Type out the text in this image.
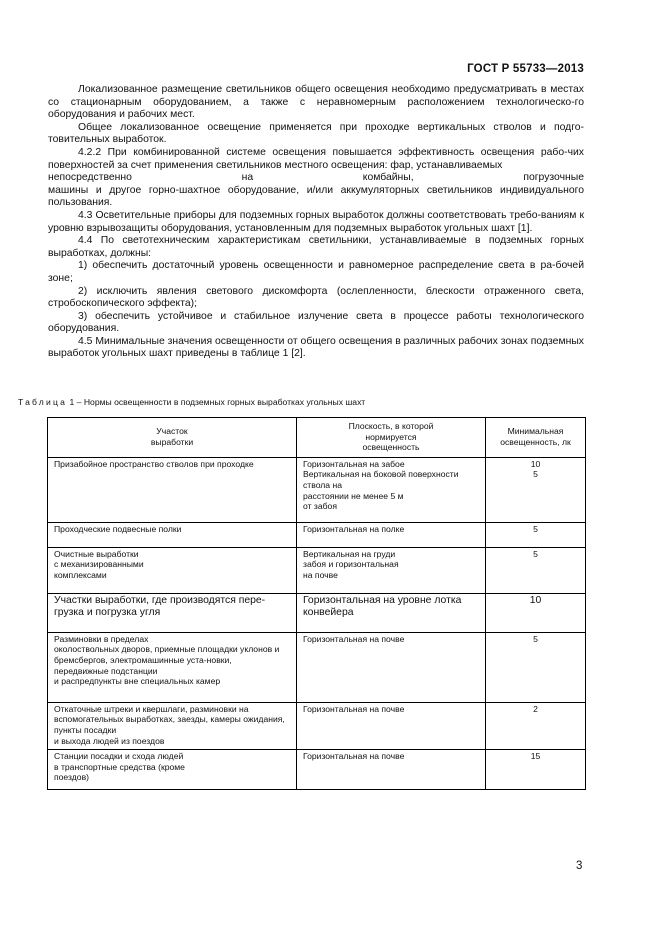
ГОСТ Р 55733—2013

Локализованное размещение светильников общего освещения необходимо предусматривать в местах со стационарным оборудованием, а также с неравномерным расположением технологическо-го оборудования и рабочих мест.

Общее локализованное освещение применяется при проходке вертикальных стволов и подго-товительных выработок.

4.2.2 При комбинированной системе освещения повышается эффективность освещения рабо-чих поверхностей за счет применения светильников местного освещения: фар, устанавливаемых

непосредственно на комбайны, погрузочные

машины и другое горно-шахтное оборудование, и/или аккумуляторных светильников индивидуального пользования.

4.3 Осветительные приборы для подземных горных выработок должны соответствовать требо-ваниям к уровню взрывозащиты оборудования, установленным для подземных выработок угольных шахт [1].

4.4 По светотехническим характеристикам светильники, устанавливаемые в подземных горных выработках, должны:

1) обеспечить достаточный уровень освещенности и равномерное распределение света в ра-бочей зоне;

2) исключить явления светового дискомфорта (ослепленности, блескости отраженного света, стробоскопического эффекта);

3) обеспечить устойчивое и стабильное излучение света в процессе работы технологического оборудования.

4.5 Минимальные значения освещенности от общего освещения в различных рабочих зонах подземных выработок угольных шахт приведены в таблице 1 [2].

Таблица 1 – Нормы освещенности в подземных горных выработках угольных шахт
Участок
выработки	Плоскость, в которой
нормируется
освещенность	Минимальная
освещенность, лк
Призабойное пространство стволов при проходке	Горизонтальная на забое
Вертикальная на боковой поверхности ствола на
расстоянии не менее 5 м
от забоя	10
5
Проходческие подвесные полки	Горизонтальная на полке	5
Очистные выработки
с механизированными
комплексами	Вертикальная на груди
забоя и горизонтальная
на почве	5
Участки выработки, где производятся пере-грузка и погрузка угля	Горизонтальная на уровне лотка конвейера	10
Разминовки в пределах
околоствольных дворов, приемные площадки уклонов и бремсбергов, электромашинные уста-новки,
передвижные подстанции
и распредпункты вне специальных камер	Горизонтальная на почве	5
Откаточные штреки и квершлаги, разминовки на вспомогательных выработках, заезды, камеры ожидания, пункты посадки
и выхода людей из поездов	Горизонтальная на почве	2
Станции посадки и схода людей
в транспортные средства (кроме
поездов)	Горизонтальная на почве	15
3
